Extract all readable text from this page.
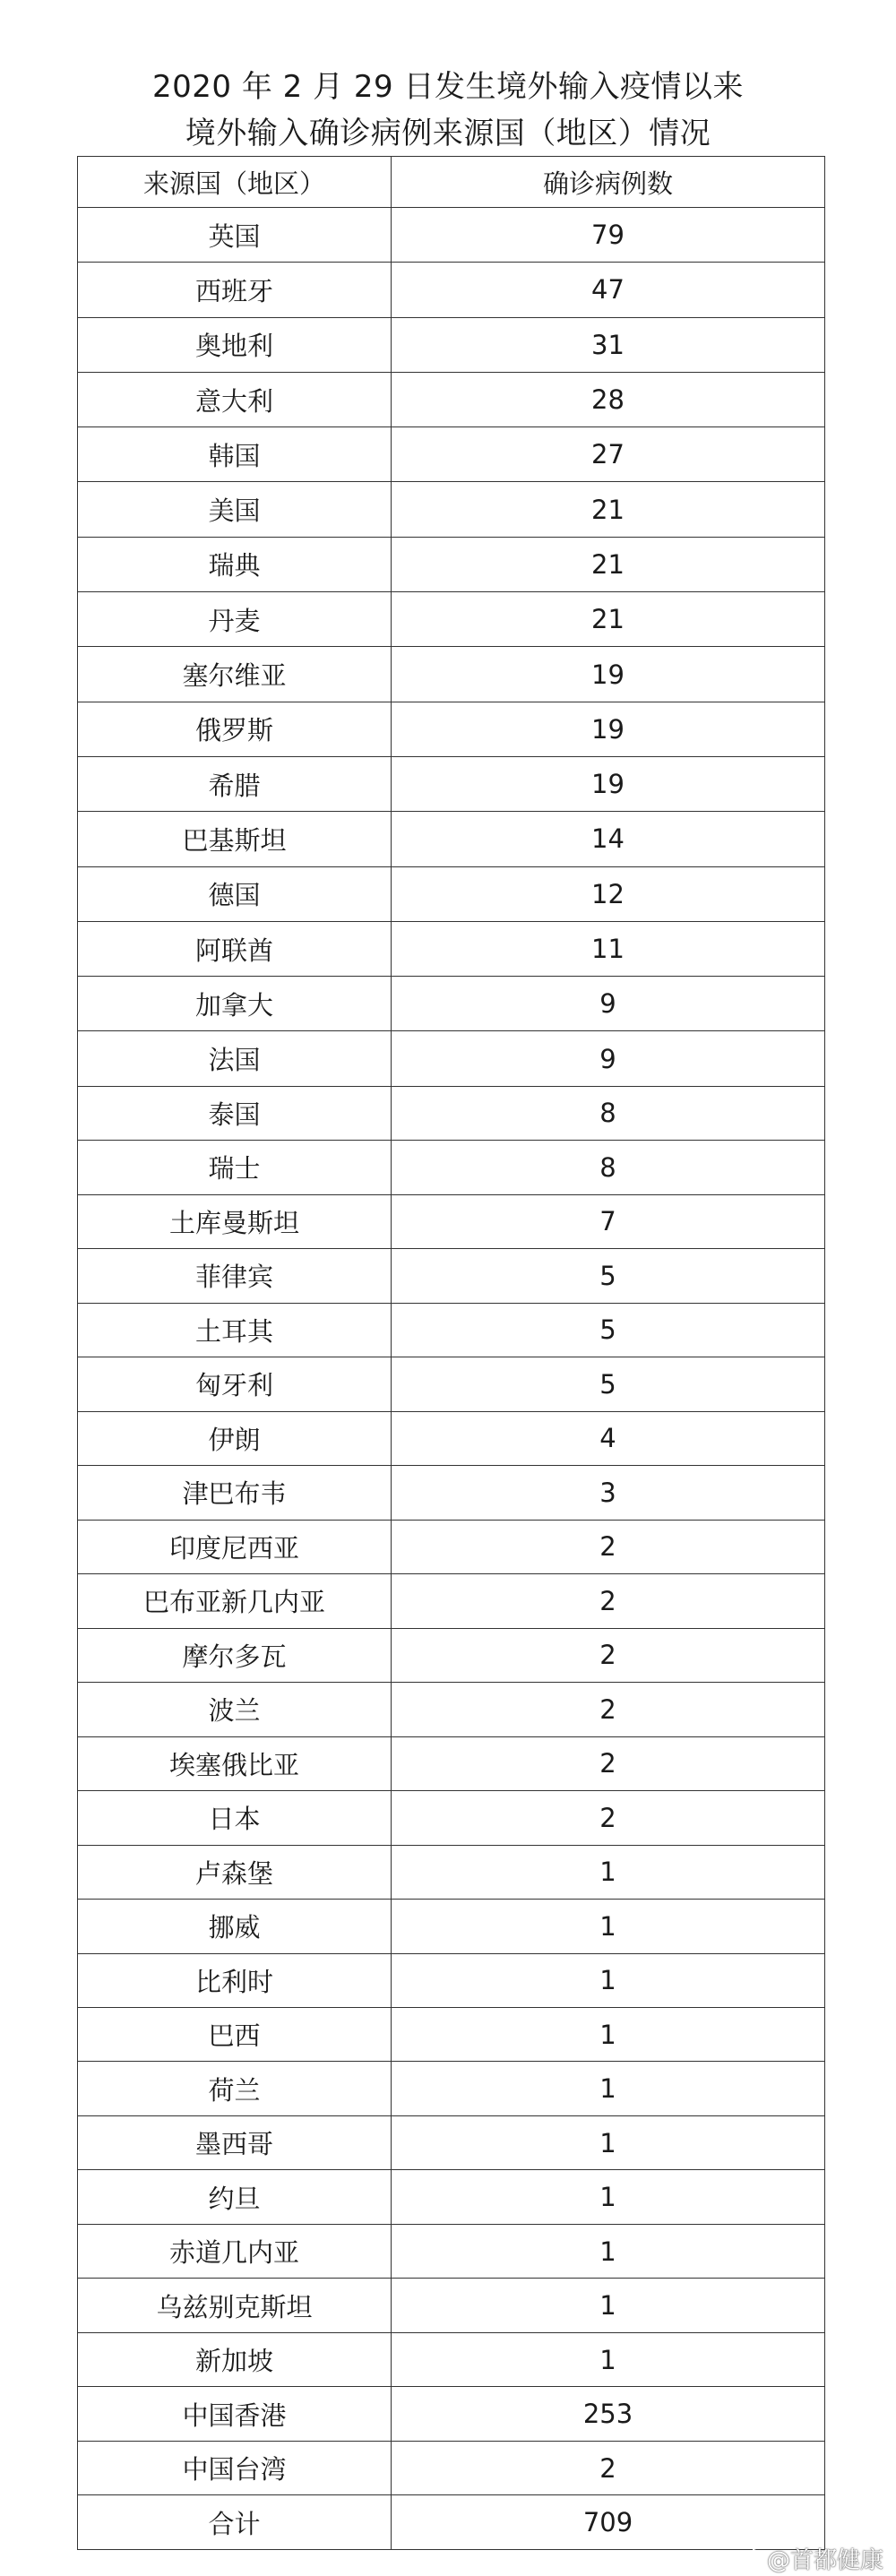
2020 年 2 月 29 日发生境外输入疫情以来
境外输入确诊病例来源国（地区）情况
来源国（地区）	确诊病例数
英国	79
西班牙	47
奥地利	31
意大利	28
韩国	27
美国	21
瑞典	21
丹麦	21
塞尔维亚	19
俄罗斯	19
希腊	19
巴基斯坦	14
德国	12
阿联酋	11
加拿大	9
法国	9
泰国	8
瑞士	8
土库曼斯坦	7
菲律宾	5
土耳其	5
匈牙利	5
伊朗	4
津巴布韦	3
印度尼西亚	2
巴布亚新几内亚	2
摩尔多瓦	2
波兰	2
埃塞俄比亚	2
日本	2
卢森堡	1
挪威	1
比利时	1
巴西	1
荷兰	1
墨西哥	1
约旦	1
赤道几内亚	1
乌兹别克斯坦	1
新加坡	1
中国香港	253
中国台湾	2
合计	709
@首都健康
